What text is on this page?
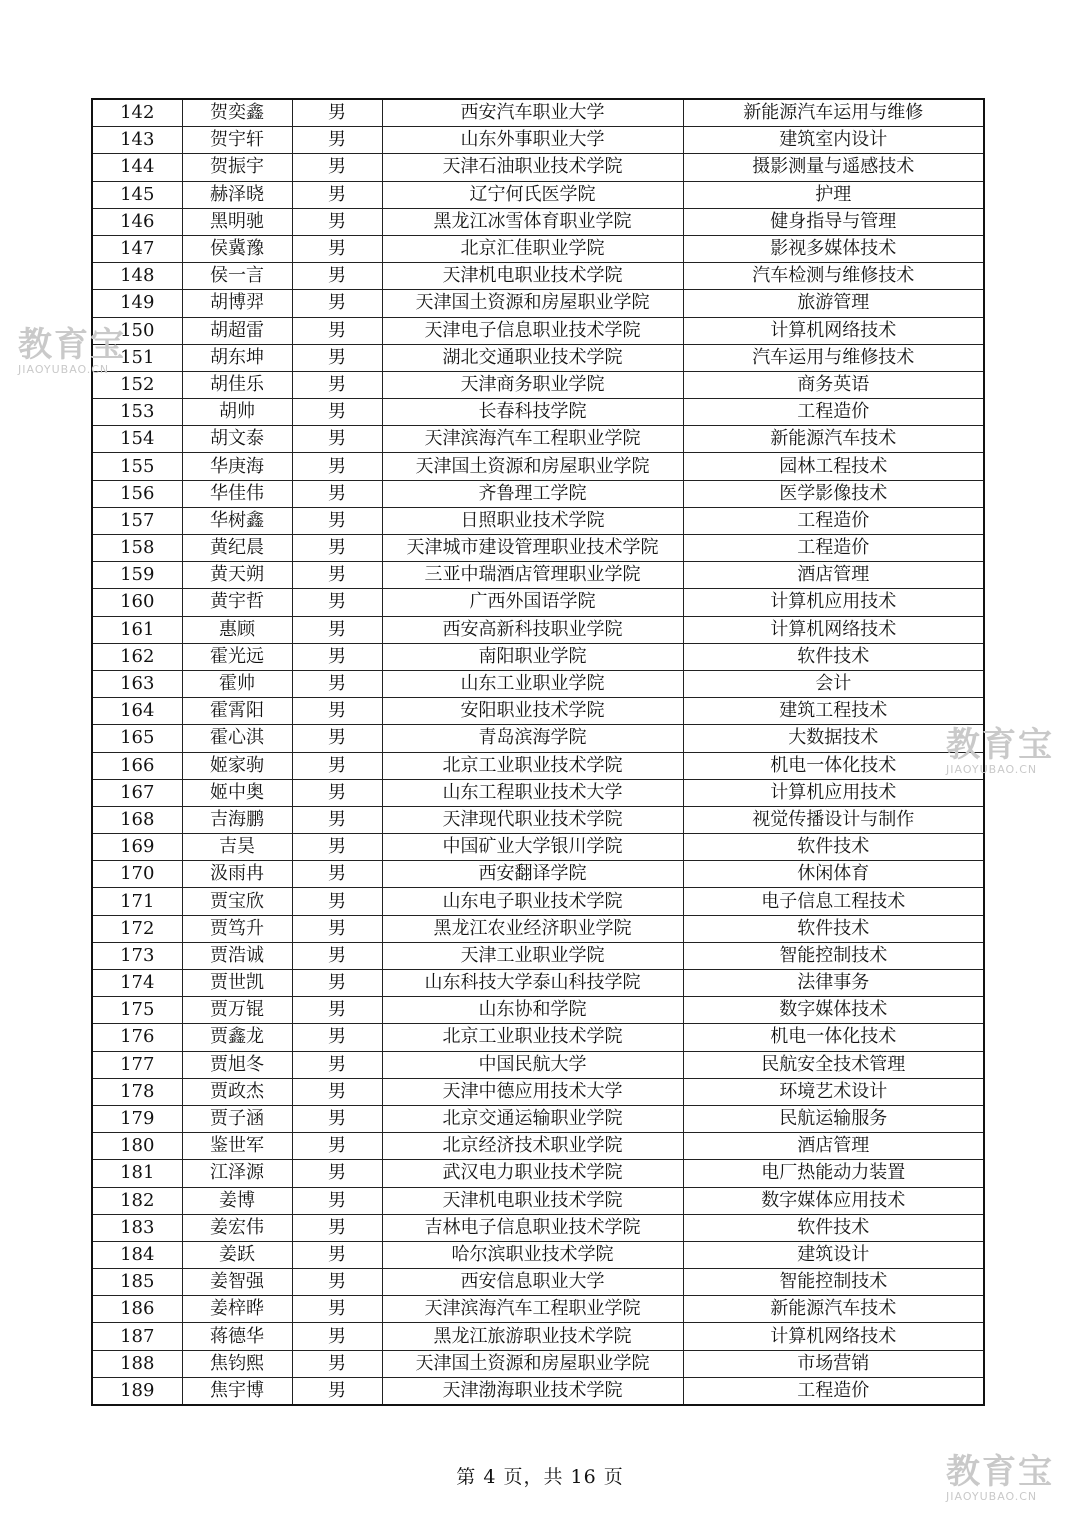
142	贺奕鑫	男	西安汽车职业大学	新能源汽车运用与维修
143	贺宇轩	男	山东外事职业大学	建筑室内设计
144	贺振宇	男	天津石油职业技术学院	摄影测量与遥感技术
145	赫泽晓	男	辽宁何氏医学院	护理
146	黑明驰	男	黑龙江冰雪体育职业学院	健身指导与管理
147	侯冀豫	男	北京汇佳职业学院	影视多媒体技术
148	侯一言	男	天津机电职业技术学院	汽车检测与维修技术
149	胡博羿	男	天津国土资源和房屋职业学院	旅游管理
150	胡超雷	男	天津电子信息职业技术学院	计算机网络技术
151	胡东坤	男	湖北交通职业技术学院	汽车运用与维修技术
152	胡佳乐	男	天津商务职业学院	商务英语
153	胡帅	男	长春科技学院	工程造价
154	胡文泰	男	天津滨海汽车工程职业学院	新能源汽车技术
155	华庚海	男	天津国土资源和房屋职业学院	园林工程技术
156	华佳伟	男	齐鲁理工学院	医学影像技术
157	华树鑫	男	日照职业技术学院	工程造价
158	黄纪晨	男	天津城市建设管理职业技术学院	工程造价
159	黄天朔	男	三亚中瑞酒店管理职业学院	酒店管理
160	黄宇哲	男	广西外国语学院	计算机应用技术
161	惠顾	男	西安高新科技职业学院	计算机网络技术
162	霍光远	男	南阳职业学院	软件技术
163	霍帅	男	山东工业职业学院	会计
164	霍霄阳	男	安阳职业技术学院	建筑工程技术
165	霍心淇	男	青岛滨海学院	大数据技术
166	姬家驹	男	北京工业职业技术学院	机电一体化技术
167	姬中奥	男	山东工程职业技术大学	计算机应用技术
168	吉海鹏	男	天津现代职业技术学院	视觉传播设计与制作
169	吉昊	男	中国矿业大学银川学院	软件技术
170	汲雨冉	男	西安翻译学院	休闲体育
171	贾宝欣	男	山东电子职业技术学院	电子信息工程技术
172	贾笃升	男	黑龙江农业经济职业学院	软件技术
173	贾浩诚	男	天津工业职业学院	智能控制技术
174	贾世凯	男	山东科技大学泰山科技学院	法律事务
175	贾万锟	男	山东协和学院	数字媒体技术
176	贾鑫龙	男	北京工业职业技术学院	机电一体化技术
177	贾旭冬	男	中国民航大学	民航安全技术管理
178	贾政杰	男	天津中德应用技术大学	环境艺术设计
179	贾子涵	男	北京交通运输职业学院	民航运输服务
180	鉴世军	男	北京经济技术职业学院	酒店管理
181	江泽源	男	武汉电力职业技术学院	电厂热能动力装置
182	姜博	男	天津机电职业技术学院	数字媒体应用技术
183	姜宏伟	男	吉林电子信息职业技术学院	软件技术
184	姜跃	男	哈尔滨职业技术学院	建筑设计
185	姜智强	男	西安信息职业大学	智能控制技术
186	姜梓晔	男	天津滨海汽车工程职业学院	新能源汽车技术
187	蒋德华	男	黑龙江旅游职业技术学院	计算机网络技术
188	焦钧熙	男	天津国土资源和房屋职业学院	市场营销
189	焦宇博	男	天津渤海职业技术学院	工程造价
第 4 页，共 16 页
教育宝
JIAOYUBAO.CN
教育宝
JIAOYUBAO.CN
教育宝
JIAOYUBAO.CN
